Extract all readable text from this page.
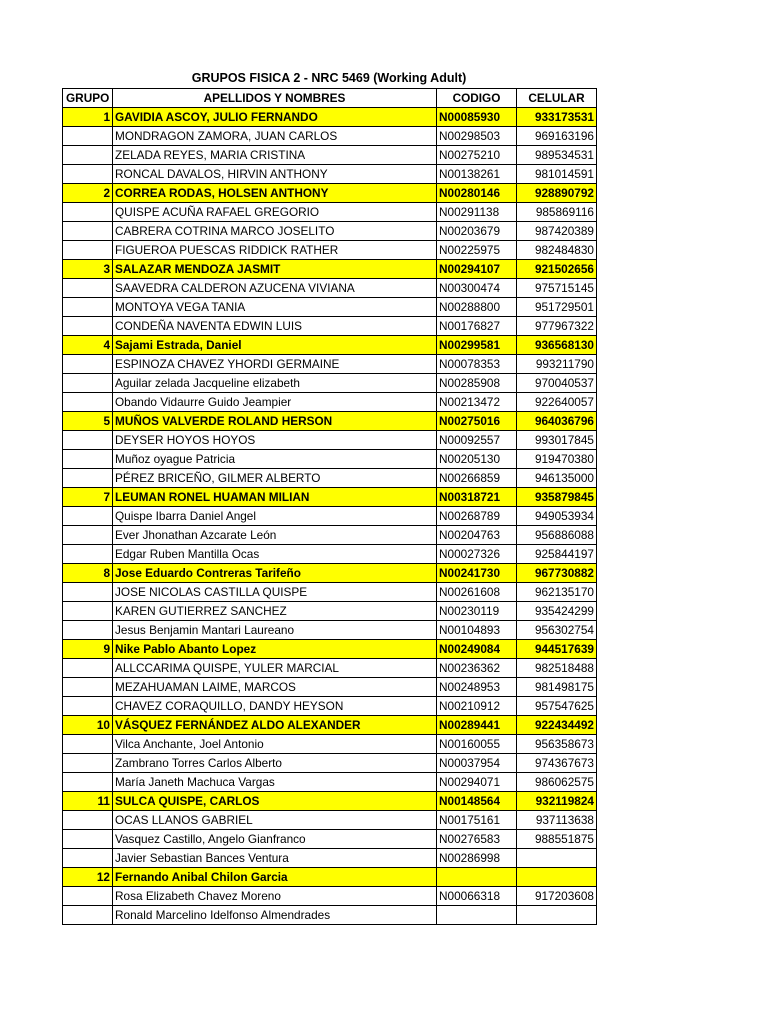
GRUPOS FISICA 2 - NRC 5469 (Working Adult)
GRUPO	APELLIDOS Y NOMBRES	CODIGO	CELULAR
1	GAVIDIA ASCOY, JULIO FERNANDO	N00085930	933173531
	MONDRAGON ZAMORA, JUAN CARLOS	N00298503	969163196
	ZELADA REYES, MARIA CRISTINA	N00275210	989534531
	RONCAL DAVALOS, HIRVIN ANTHONY	N00138261	981014591
2	CORREA RODAS, HOLSEN ANTHONY	N00280146	928890792
	QUISPE ACUÑA RAFAEL GREGORIO	N00291138	985869116
	CABRERA COTRINA MARCO JOSELITO	N00203679	987420389
	FIGUEROA PUESCAS RIDDICK RATHER	N00225975	982484830
3	SALAZAR MENDOZA JASMIT	N00294107	921502656
	SAAVEDRA CALDERON AZUCENA VIVIANA	N00300474	975715145
	MONTOYA VEGA TANIA	N00288800	951729501
	CONDEÑA NAVENTA EDWIN LUIS	N00176827	977967322
4	Sajami Estrada, Daniel	N00299581	936568130
	ESPINOZA CHAVEZ YHORDI GERMAINE	N00078353	993211790
	Aguilar zelada Jacqueline elizabeth	N00285908	970040537
	Obando Vidaurre Guido Jeampier	N00213472	922640057
5	MUÑOS VALVERDE ROLAND HERSON	N00275016	964036796
	DEYSER HOYOS HOYOS	N00092557	993017845
	Muñoz oyague Patricia	N00205130	919470380
	PÉREZ BRICEÑO, GILMER ALBERTO	N00266859	946135000
7	LEUMAN RONEL HUAMAN MILIAN	N00318721	935879845
	Quispe Ibarra Daniel Angel	N00268789	949053934
	Ever Jhonathan Azcarate León	N00204763	956886088
	Edgar Ruben Mantilla Ocas	N00027326	925844197
8	Jose Eduardo Contreras Tarifeño	N00241730	967730882
	JOSE NICOLAS CASTILLA QUISPE	N00261608	962135170
	KAREN GUTIERREZ SANCHEZ	N00230119	935424299
	Jesus Benjamin Mantari Laureano	N00104893	956302754
9	Nike Pablo Abanto Lopez	N00249084	944517639
	ALLCCARIMA QUISPE, YULER MARCIAL	N00236362	982518488
	MEZAHUAMAN LAIME, MARCOS	N00248953	981498175
	CHAVEZ CORAQUILLO, DANDY HEYSON	N00210912	957547625
10	VÁSQUEZ FERNÁNDEZ ALDO ALEXANDER	N00289441	922434492
	Vilca Anchante, Joel Antonio	N00160055	956358673
	Zambrano Torres Carlos Alberto	N00037954	974367673
	María Janeth Machuca Vargas	N00294071	986062575
11	SULCA QUISPE, CARLOS	N00148564	932119824
	OCAS LLANOS GABRIEL	N00175161	937113638
	Vasquez Castillo, Angelo Gianfranco	N00276583	988551875
	Javier Sebastian Bances Ventura	N00286998	
12	Fernando Anibal Chilon Garcia		
	Rosa Elizabeth Chavez Moreno	N00066318	917203608
	Ronald Marcelino Idelfonso Almendrades		
